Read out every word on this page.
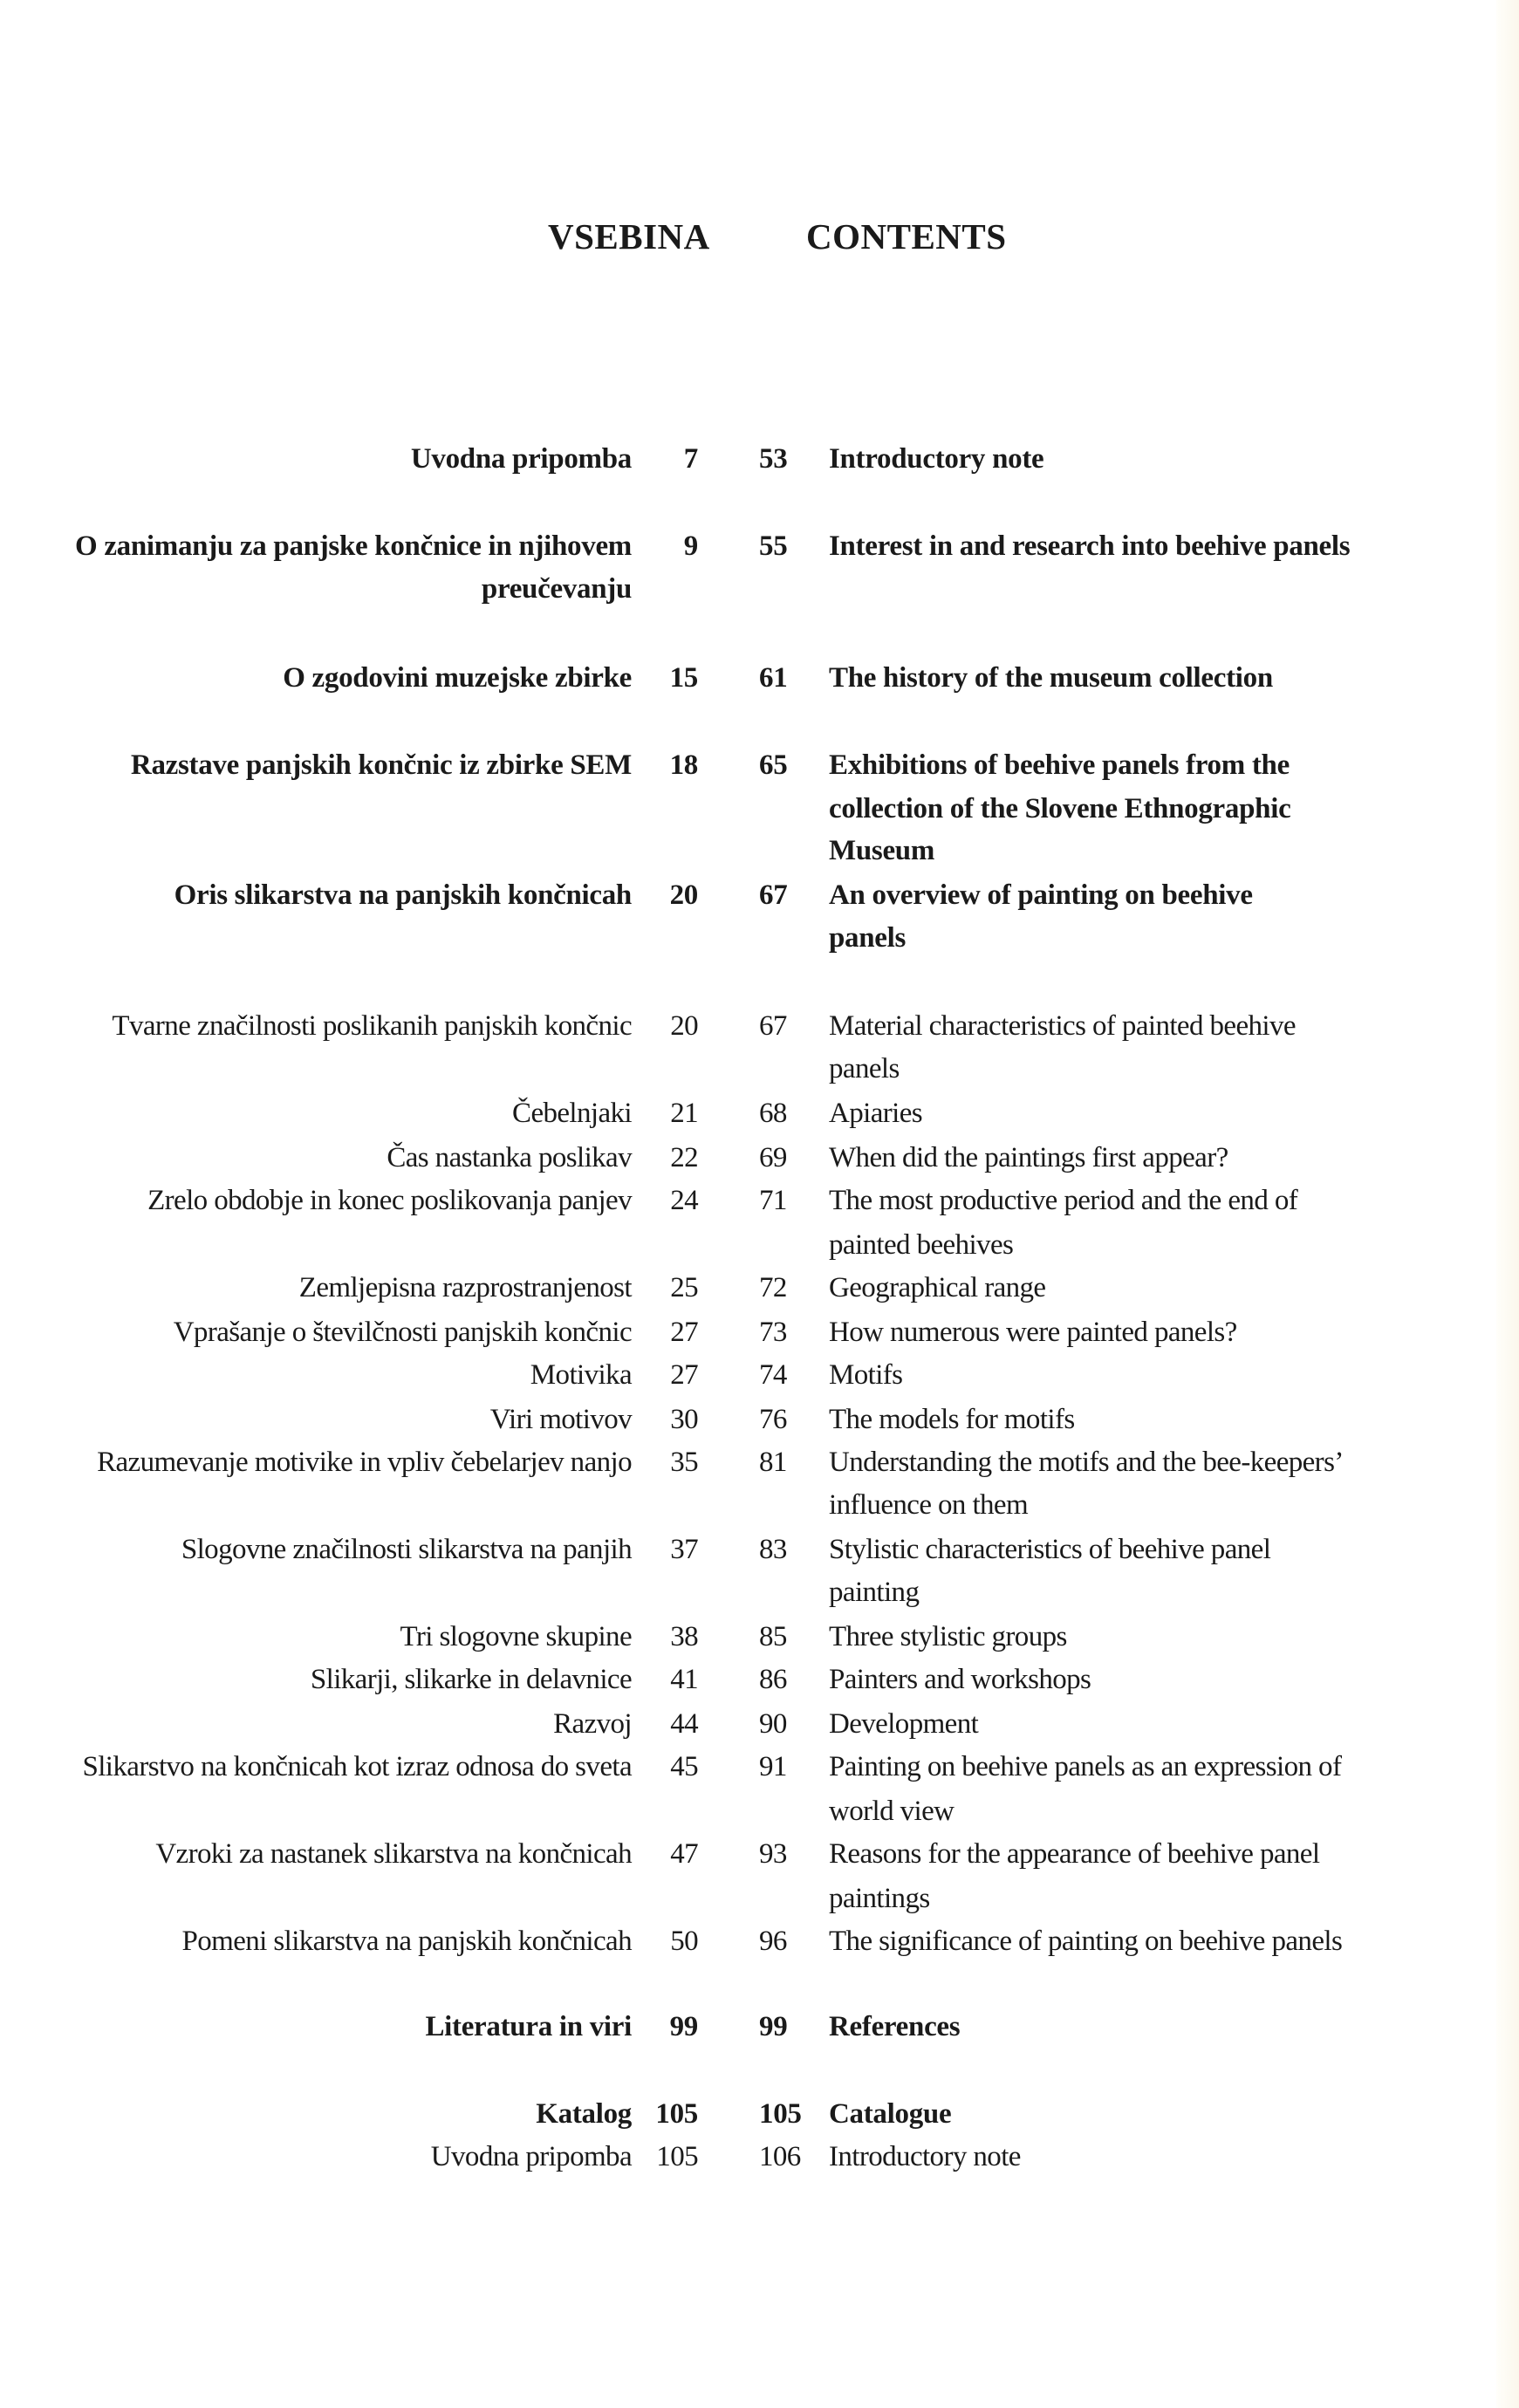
VSEBINA	CONTENTS
Uvodna pripomba 7 53 Introductory note
O zanimanju za panjske končnice in njihovem 9 55 Interest in and research into beehive panels
preučevanju
O zgodovini muzejske zbirke 15 61 The history of the museum collection
Razstave panjskih končnic iz zbirke SEM 18 65 Exhibitions of beehive panels from the
collection of the Slovene Ethnographic
Museum
Oris slikarstva na panjskih končnicah 20 67 An overview of painting on beehive
panels
Tvarne značilnosti poslikanih panjskih končnic 20 67 Material characteristics of painted beehive
panels
Čebelnjaki 21 68 Apiaries
Čas nastanka poslikav 22 69 When did the paintings first appear?
Zrelo obdobje in konec poslikovanja panjev 24 71 The most productive period and the end of
painted beehives
Zemljepisna razprostranjenost 25 72 Geographical range
Vprašanje o številčnosti panjskih končnic 27 73 How numerous were painted panels?
Motivika 27 74 Motifs
Viri motivov 30 76 The models for motifs
Razumevanje motivike in vpliv čebelarjev nanjo 35 81 Understanding the motifs and the bee-keepers’
influence on them
Slogovne značilnosti slikarstva na panjih 37 83 Stylistic characteristics of beehive panel
painting
Tri slogovne skupine 38 85 Three stylistic groups
Slikarji, slikarke in delavnice 41 86 Painters and workshops
Razvoj 44 90 Development
Slikarstvo na končnicah kot izraz odnosa do sveta 45 91 Painting on beehive panels as an expression of
world view
Vzroki za nastanek slikarstva na končnicah 47 93 Reasons for the appearance of beehive panel
paintings
Pomeni slikarstva na panjskih končnicah 50 96 The significance of painting on beehive panels
Literatura in viri 99 99 References
Katalog 105 105 Catalogue
Uvodna pripomba 105 106 Introductory note
